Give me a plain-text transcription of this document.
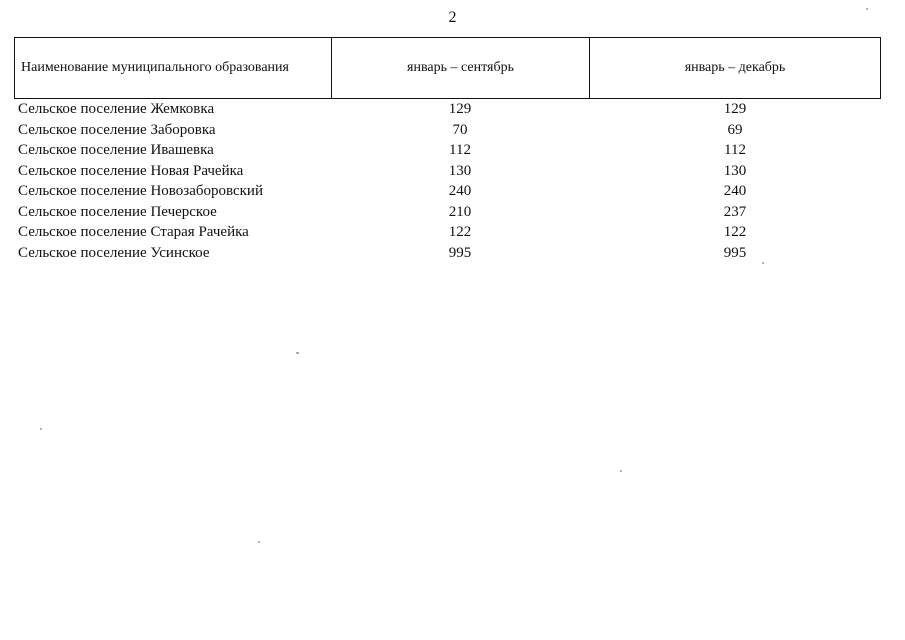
2
Наименование муниципального образования	январь – сентябрь	январь – декабрь
Сельское поселение Жемковка	129	129
Сельское поселение Заборовка	70	69
Сельское поселение Ивашевка	112	112
Сельское поселение Новая Рачейка	130	130
Сельское поселение Новозаборовский	240	240
Сельское поселение Печерское	210	237
Сельское поселение Старая Рачейка	122	122
Сельское поселение Усинское	995	995
